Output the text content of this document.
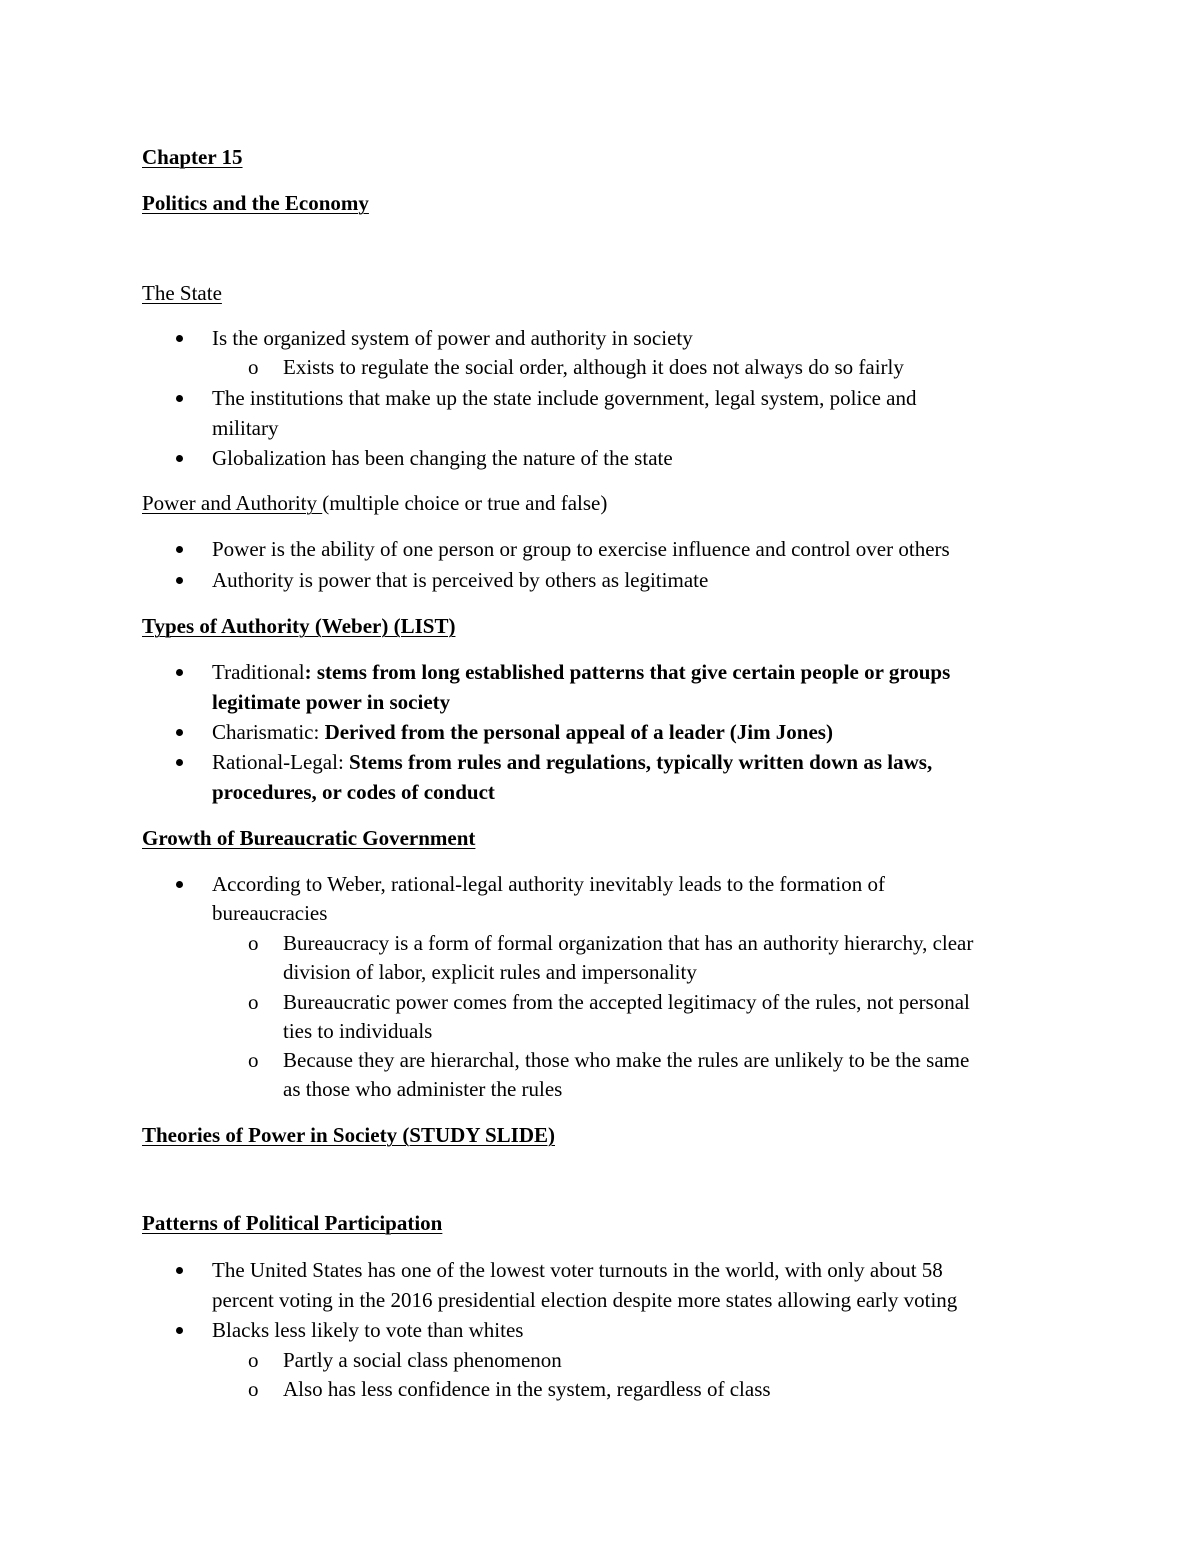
Chapter 15
Politics and the Economy
The State
Is the organized system of power and authority in society
o Exists to regulate the social order, although it does not always do so fairly
The institutions that make up the state include government, legal system, police and
military
Globalization has been changing the nature of the state
Power and Authority (multiple choice or true and false)
Power is the ability of one person or group to exercise influence and control over others
Authority is power that is perceived by others as legitimate
Types of Authority (Weber) (LIST)
Traditional: stems from long established patterns that give certain people or groups
legitimate power in society
Charismatic: Derived from the personal appeal of a leader (Jim Jones)
Rational-Legal: Stems from rules and regulations, typically written down as laws,
procedures, or codes of conduct
Growth of Bureaucratic Government
According to Weber, rational-legal authority inevitably leads to the formation of
bureaucracies
o Bureaucracy is a form of formal organization that has an authority hierarchy, clear
division of labor, explicit rules and impersonality
o Bureaucratic power comes from the accepted legitimacy of the rules, not personal
ties to individuals
o Because they are hierarchal, those who make the rules are unlikely to be the same
as those who administer the rules
Theories of Power in Society (STUDY SLIDE)
Patterns of Political Participation
The United States has one of the lowest voter turnouts in the world, with only about 58
percent voting in the 2016 presidential election despite more states allowing early voting
Blacks less likely to vote than whites
o Partly a social class phenomenon
o Also has less confidence in the system, regardless of class
